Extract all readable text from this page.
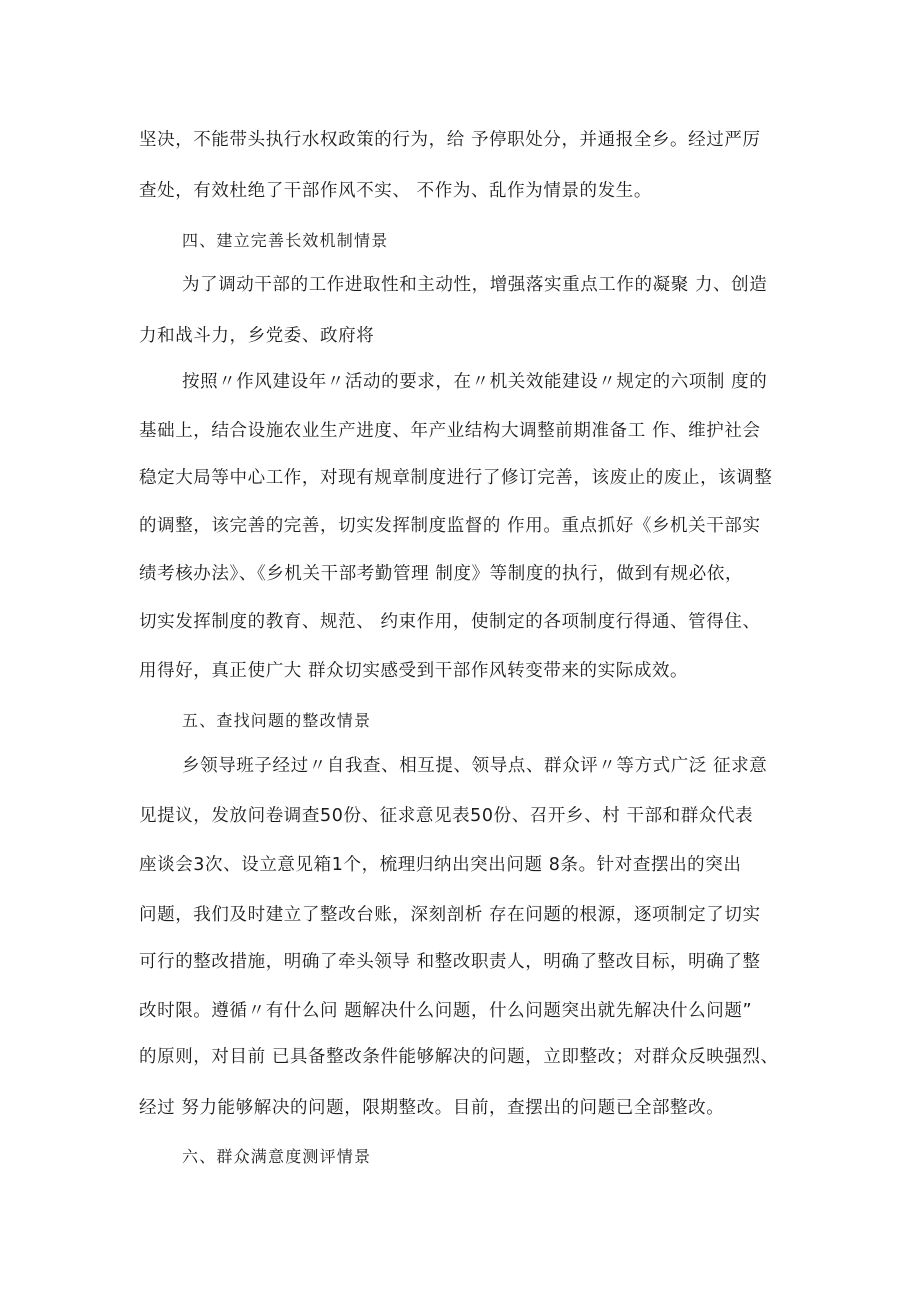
坚决，不能带头执行水权政策的行为，给 予停职处分，并通报全乡。经过严厉
查处，有效杜绝了干部作风不实、 不作为、乱作为情景的发生。
四、建立完善长效机制情景
为了调动干部的工作进取性和主动性，增强落实重点工作的凝聚 力、创造
力和战斗力，乡党委、政府将
按照〃作风建设年〃活动的要求，在〃机关效能建设〃规定的六项制 度的
基础上，结合设施农业生产进度、年产业结构大调整前期准备工 作、维护社会
稳定大局等中心工作，对现有规章制度进行了修订完善，该废止的废止，该调整
的调整，该完善的完善，切实发挥制度监督的 作用。重点抓好《乡机关干部实
绩考核办法》、《乡机关干部考勤管理 制度》等制度的执行，做到有规必依，
切实发挥制度的教育、规范、 约束作用，使制定的各项制度行得通、管得住、
用得好，真正使广大 群众切实感受到干部作风转变带来的实际成效。
五、查找问题的整改情景
乡领导班子经过〃自我查、相互提、领导点、群众评〃等方式广泛 征求意
见提议，发放问卷调查50份、征求意见表50份、召开乡、村 干部和群众代表
座谈会3次、设立意见箱1个，梳理归纳出突出问题 8条。针对查摆出的突出
问题，我们及时建立了整改台账，深刻剖析 存在问题的根源，逐项制定了切实
可行的整改措施，明确了牵头领导 和整改职责人，明确了整改目标，明确了整
改时限。遵循〃有什么问 题解决什么问题，什么问题突出就先解决什么问题”
的原则，对目前 已具备整改条件能够解决的问题，立即整改；对群众反映强烈、
经过 努力能够解决的问题，限期整改。目前，查摆出的问题已全部整改。
六、群众满意度测评情景
